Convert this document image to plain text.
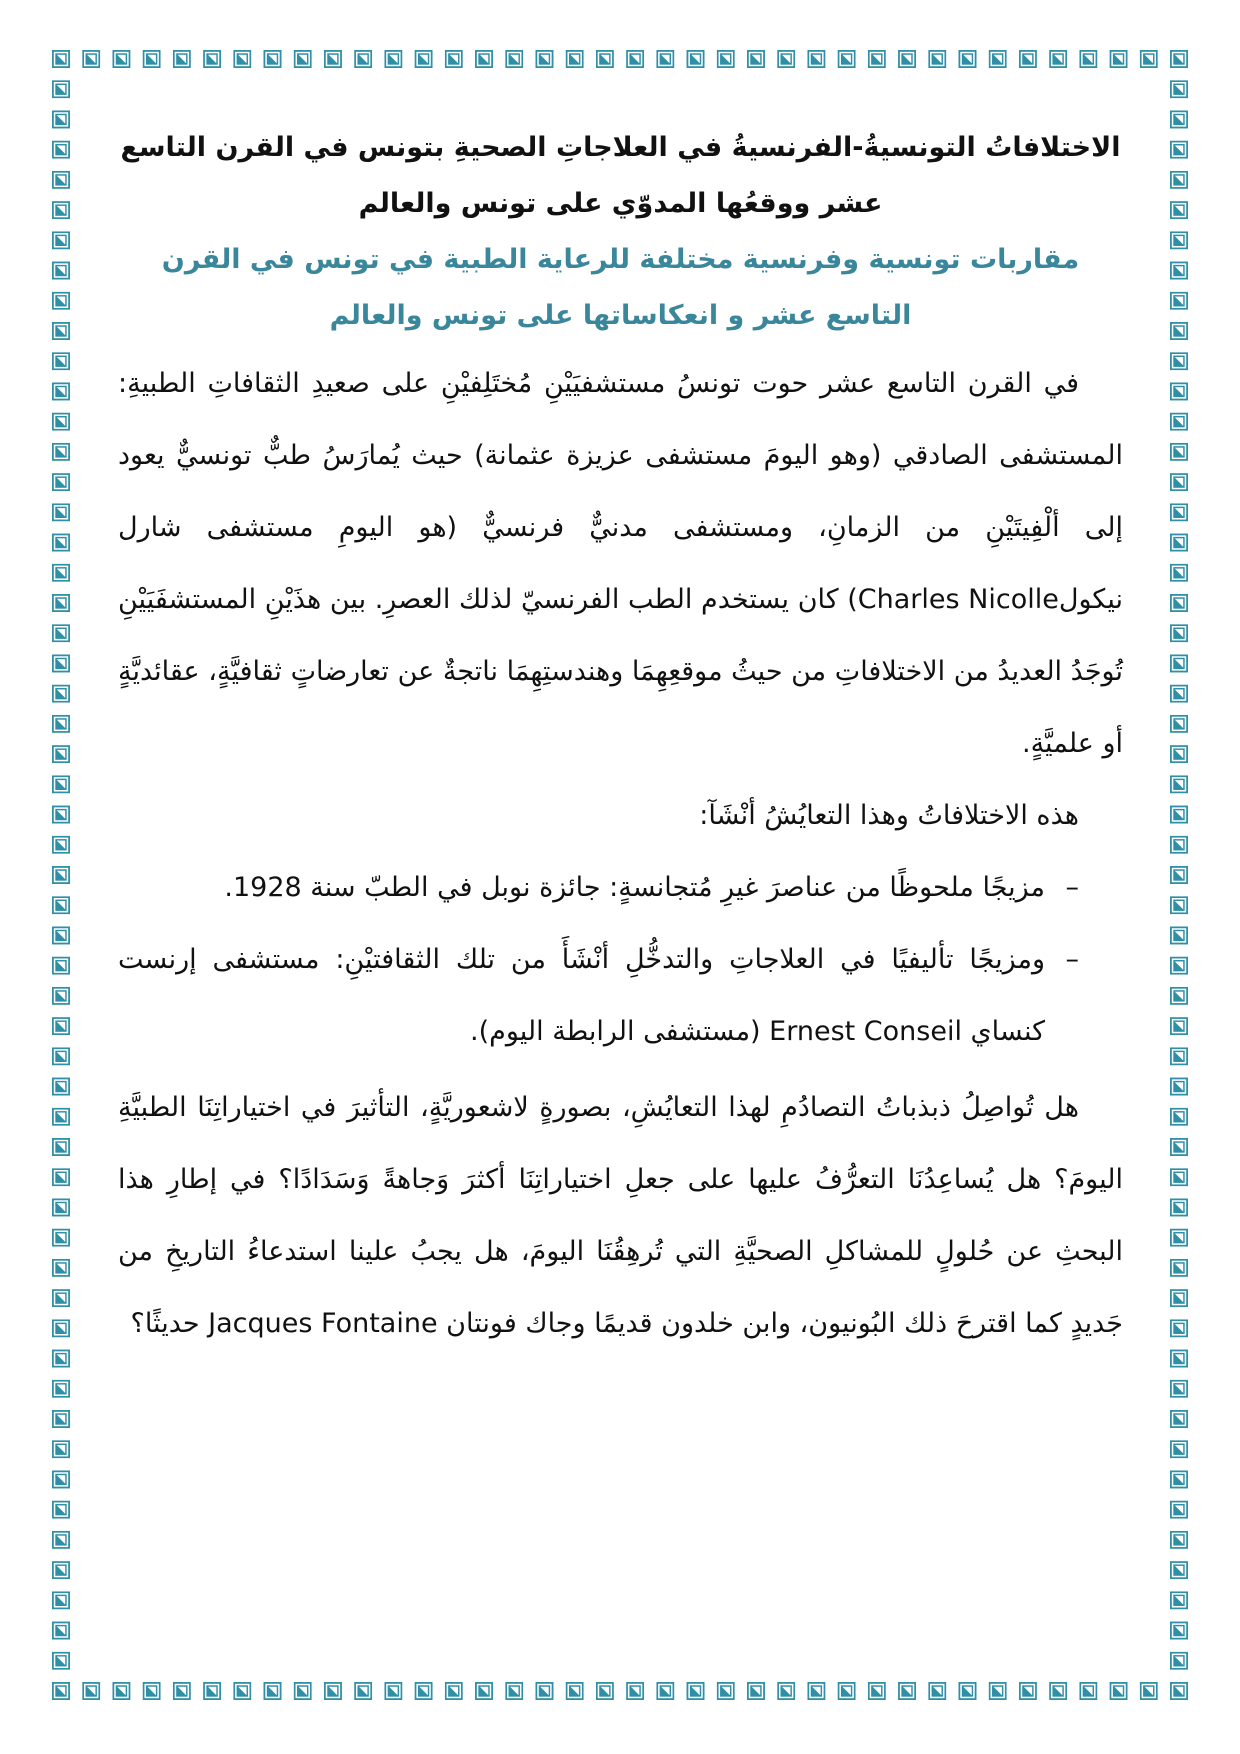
الاختلافاتُ التونسيةُ-الفرنسيةُ في العلاجاتِ الصحيةِ بتونس في القرن التاسع عشر ووقعُها المدوّي على تونس والعالم
مقاربات تونسية وفرنسية مختلفة للرعاية الطبية في تونس في القرن التاسع عشر و انعكاساتها على تونس والعالم

في القرن التاسع عشر حوت تونسُ مستشفيَيْنِ مُختَلِفيْنِ على صعيدِ الثقافاتِ الطبيةِ: المستشفى الصادقي (وهو اليومَ مستشفى عزيزة عثمانة) حيث يُمارَسُ طبٌّ تونسيٌّ يعود إلى ألْفِيتَيْنِ من الزمانِ، ومستشفى مدنيٌّ فرنسيٌّ (هو اليومِ مستشفى شارل نيكولCharles Nicolle) كان يستخدم الطب الفرنسيّ لذلك العصرِ. بين هذَيْنِ المستشفَيَيْنِ تُوجَدُ العديدُ من الاختلافاتِ من حيثُ موقعِهِمَا وهندستِهِمَا ناتجةٌ عن تعارضاتٍ ثقافيَّةٍ، عقائديَّةٍ أو علميَّةٍ.

هذه الاختلافاتُ وهذا التعايُشُ أنْشَآ:

–
مزيجًا ملحوظًا من عناصرَ غيرِ مُتجانسةٍ: جائزة نوبل في الطبّ سنة 1928.
–
ومزيجًا تأليفيًا في العلاجاتِ والتدخُّلِ أنْشَأَ من تلك الثقافتيْنِ: مستشفى إرنست كنساي Ernest Conseil (مستشفى الرابطة اليوم).

هل تُواصِلُ ذبذباتُ التصادُمِ لهذا التعايُشِ، بصورةٍ لاشعوريَّةٍ، التأثيرَ في اختياراتِنَا الطبيَّةِ اليومَ؟ هل يُساعِدُنَا التعرُّفُ عليها على جعلِ اختياراتِنَا أكثرَ وَجاهةً وَسَدَادًا؟ في إطارِ هذا البحثِ عن حُلولٍ للمشاكلِ الصحيَّةِ التي تُرهِقُنَا اليومَ، هل يجبُ علينا استدعاءُ التاريخِ من جَديدٍ كما اقترحَ ذلك البُونيون، وابن خلدون قديمًا وجاك فونتان Jacques Fontaine حديثًا؟
